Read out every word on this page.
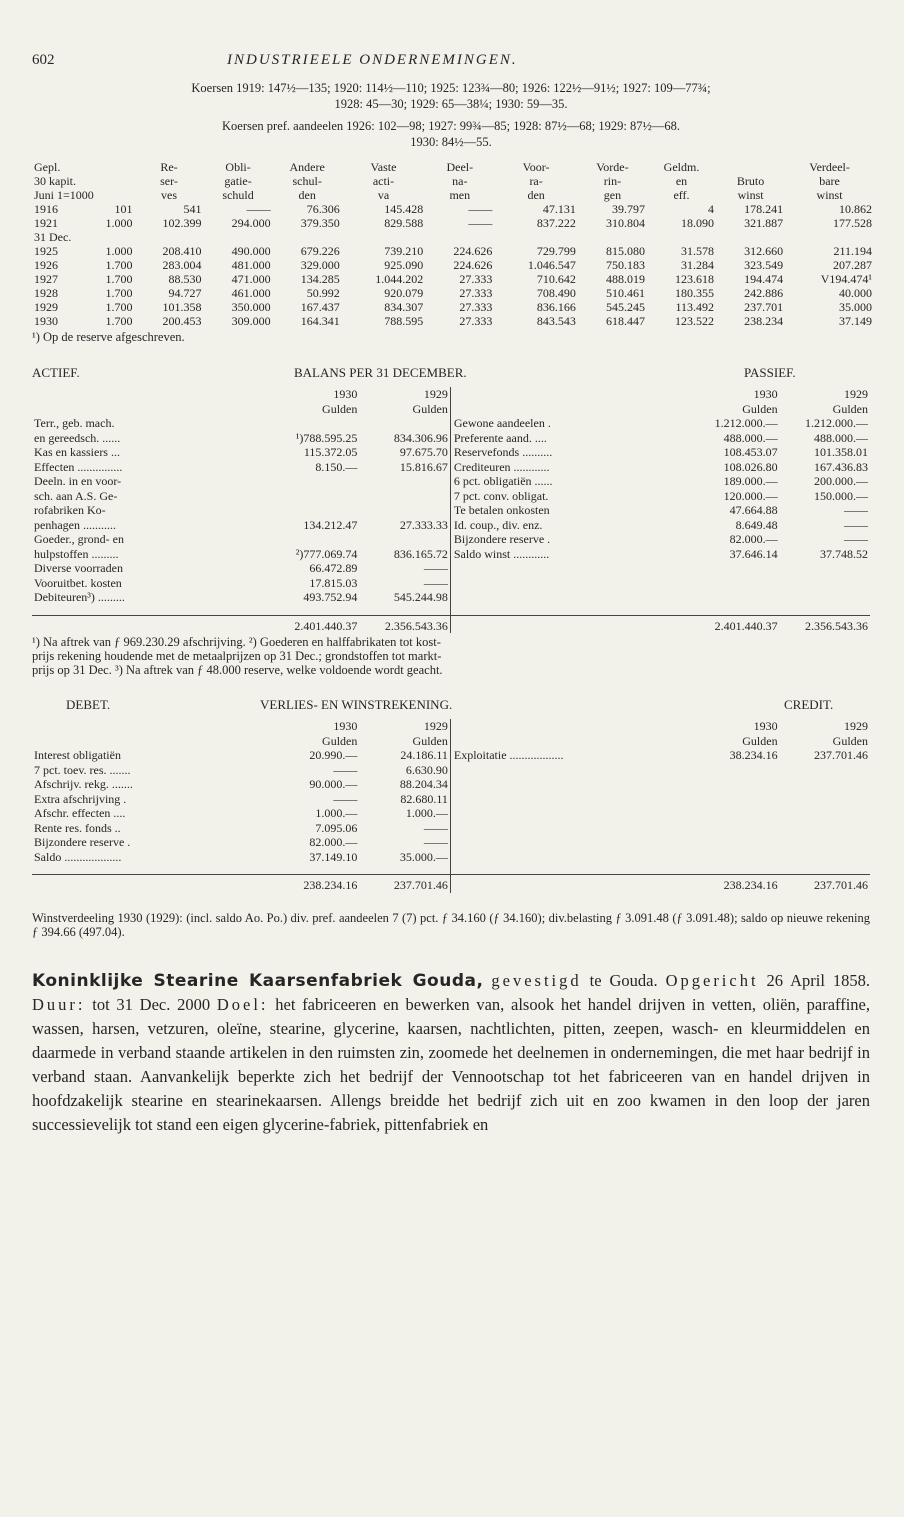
602	INDUSTRIEELE ONDERNEMINGEN.

Koersen 1919: 147½—135; 1920: 114½—110; 1925: 123¾—80; 1926: 122½—91½; 1927: 109—77¾;

1928: 45—30; 1929: 65—38¼; 1930: 59—35.

Koersen pref. aandeelen 1926: 102—98; 1927: 99¾—85; 1928: 87½—68; 1929: 87½—68.

1930: 84½—55.

Gepl.		Re-	Obli-	Andere	Vaste	Deel-	Voor-	Vorde-	Geldm.		Verdeel-
30 kapit.		ser-	gatie-	schul-	acti-	na-	ra-	rin-	en	Bruto	bare
Juni 1=1000		ves	schuld	den	va	men	den	gen	eff.	winst	winst
1916	101	541	——	76.306	145.428	——	47.131	39.797	4	178.241	10.862
1921	1.000	102.399	294.000	379.350	829.588	——	837.222	310.804	18.090	321.887	177.528
31 Dec.											
1925	1.000	208.410	490.000	679.226	739.210	224.626	729.799	815.080	31.578	312.660	211.194
1926	1.700	283.004	481.000	329.000	925.090	224.626	1.046.547	750.183	31.284	323.549	207.287
1927	1.700	88.530	471.000	134.285	1.044.202	27.333	710.642	488.019	123.618	194.474	V194.474¹
1928	1.700	94.727	461.000	50.992	920.079	27.333	708.490	510.461	180.355	242.886	40.000
1929	1.700	101.358	350.000	167.437	834.307	27.333	836.166	545.245	113.492	237.701	35.000
1930	1.700	200.453	309.000	164.341	788.595	27.333	843.543	618.447	123.522	238.234	37.149
¹) Op de reserve afgeschreven.
ACTIEF.	BALANS PER 31 DECEMBER.	PASSIEF.
	1930	1929		1930	1929
	Gulden	Gulden		Gulden	Gulden
Terr., geb. mach.			Gewone aandeelen .	1.212.000.—	1.212.000.—
en gereedsch. ......	¹)788.595.25	834.306.96	Preferente aand. ....	488.000.—	488.000.—
Kas en kassiers ...	115.372.05	97.675.70	Reservefonds ..........	108.453.07	101.358.01
Effecten ...............	8.150.—	15.816.67	Crediteuren ............	108.026.80	167.436.83
Deeln. in en voor-			6 pct. obligatiën ......	189.000.—	200.000.—
sch. aan A.S. Ge-			7 pct. conv. obligat.	120.000.—	150.000.—
rofabriken Ko-			Te betalen onkosten	47.664.88	——
penhagen ...........	134.212.47	27.333.33	Id. coup., div. enz.	8.649.48	——
Goeder., grond- en			Bijzondere reserve .	82.000.—	——
hulpstoffen .........	²)777.069.74	836.165.72	Saldo winst ............	37.646.14	37.748.52
Diverse voorraden	66.472.89	——			
Vooruitbet. kosten	17.815.03	——			
Debiteuren³) .........	493.752.94	545.244.98			

	2.401.440.37	2.356.543.36		2.401.440.37	2.356.543.36

¹) Na aftrek van ƒ 969.230.29 afschrijving. ²) Goederen en halffabrikaten tot kost-

prijs rekening houdende met de metaalprijzen op 31 Dec.; grondstoffen tot markt-

prijs op 31 Dec. ³) Na aftrek van ƒ 48.000 reserve, welke voldoende wordt geacht.

DEBET.	VERLIES- EN WINSTREKENING.	CREDIT.
	1930	1929		1930	1929
	Gulden	Gulden		Gulden	Gulden
Interest obligatiën	20.990.—	24.186.11	Exploitatie ..................	38.234.16	237.701.46
7 pct. toev. res. .......	——	6.630.90			
Afschrijv. rekg. .......	90.000.—	88.204.34			
Extra afschrijving .	——	82.680.11			
Afschr. effecten ....	1.000.—	1.000.—			
Rente res. fonds ..	7.095.06	——			
Bijzondere reserve .	82.000.—	——			
Saldo ...................	37.149.10	35.000.—			

	238.234.16	237.701.46		238.234.16	237.701.46
Winstverdeeling 1930 (1929): (incl. saldo Ao. Po.) div. pref. aandeelen 7 (7) pct. ƒ 34.160 (ƒ 34.160); div.belasting ƒ 3.091.48 (ƒ 3.091.48); saldo op nieuwe rekening ƒ 394.66 (497.04).
Koninklijke Stearine Kaarsenfabriek Gouda, gevestigd te Gouda. Opgericht 26 April 1858. Duur: tot 31 Dec. 2000 Doel: het fabriceeren en bewerken van, alsook het handel drijven in vetten, oliën, paraffine, wassen, harsen, vetzuren, oleïne, stearine, glycerine, kaarsen, nachtlichten, pitten, zeepen, wasch- en kleurmiddelen en daarmede in verband staande artikelen in den ruimsten zin, zoomede het deelnemen in ondernemingen, die met haar bedrijf in verband staan. Aanvankelijk beperkte zich het bedrijf der Vennootschap tot het fabriceeren van en handel drijven in hoofdzakelijk stearine en stearinekaarsen. Allengs breidde het bedrijf zich uit en zoo kwamen in den loop der jaren successievelijk tot stand een eigen glycerine-fabriek, pittenfabriek en
